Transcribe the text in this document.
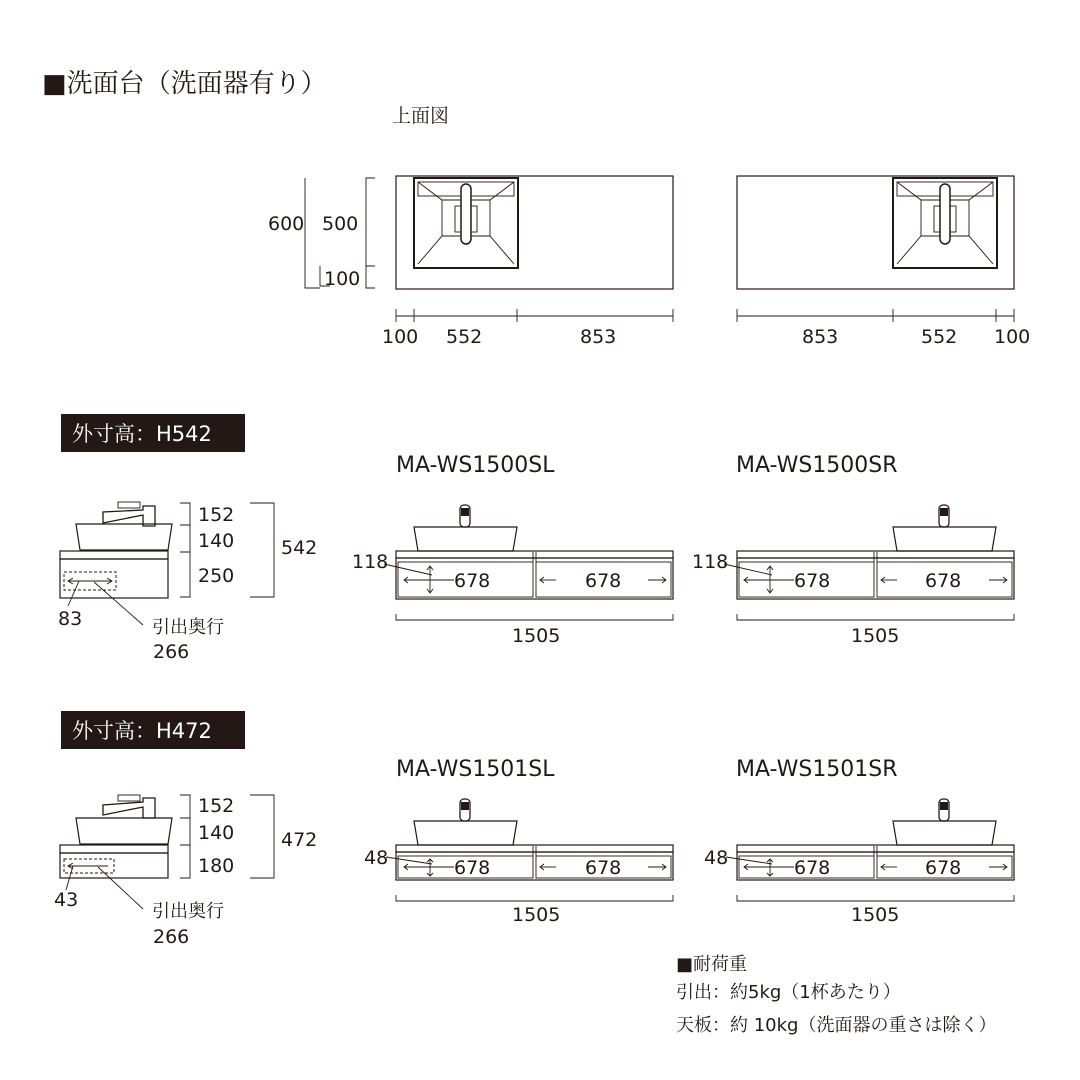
■洗面台（洗面器有り）
上面図
600 500
100
100 552	853	853	552 100
外寸高：H542
152
140
250
542
83	引出奥行
266
MA-WS1500SL
118
678	678
1505
MA-WS1500SR
118
678	678
1505
外寸高：H472
152
140
180
472
43
引出奥行
266
MA-WS1501SL
48	678	678
1505
MA-WS1501SR
48	678	678
1505
■耐荷重
引出：約5kg（1杯あたり）
天板：約 10kg（洗面器の重さは除く）
